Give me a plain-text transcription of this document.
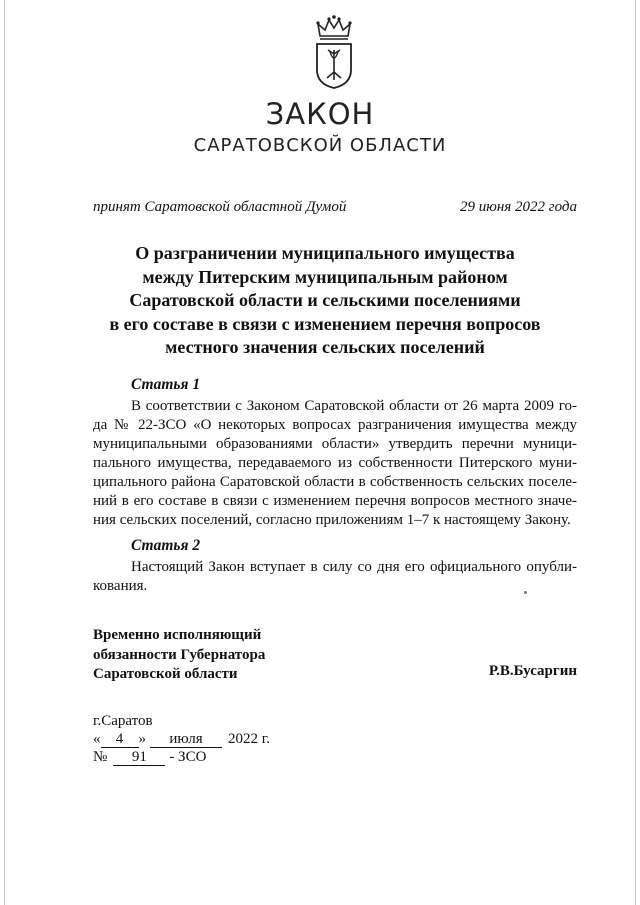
ЗАКОН
САРАТОВСКОЙ ОБЛАСТИ
принят Саратовской областной Думой	29 июня 2022 года
О разграничении муниципального имущества
между Питерским муниципальным районом
Саратовской области и сельскими поселениями
в его составе в связи с изменением перечня вопросов
местного значения сельских поселений
Статья 1
В соответствии с Законом Саратовской области от 26 марта 2009 го-
да № 22-ЗСО «О некоторых вопросах разграничения имущества между
муниципальными образованиями области» утвердить перечни муници-
пального имущества, передаваемого из собственности Питерского муни-
ципального района Саратовской области в собственность сельских поселе-
ний в его составе в связи с изменением перечня вопросов местного значе-
ния сельских поселений, согласно приложениям 1–7 к настоящему Закону.
Статья 2
Настоящий Закон вступает в силу со дня его официального опубли-
кования.
Временно исполняющий
обязанности Губернатора
Саратовской области	Р.В.Бусаргин
г.Саратов
« 4 » июля 2022 г.
№ 91 - ЗСО
